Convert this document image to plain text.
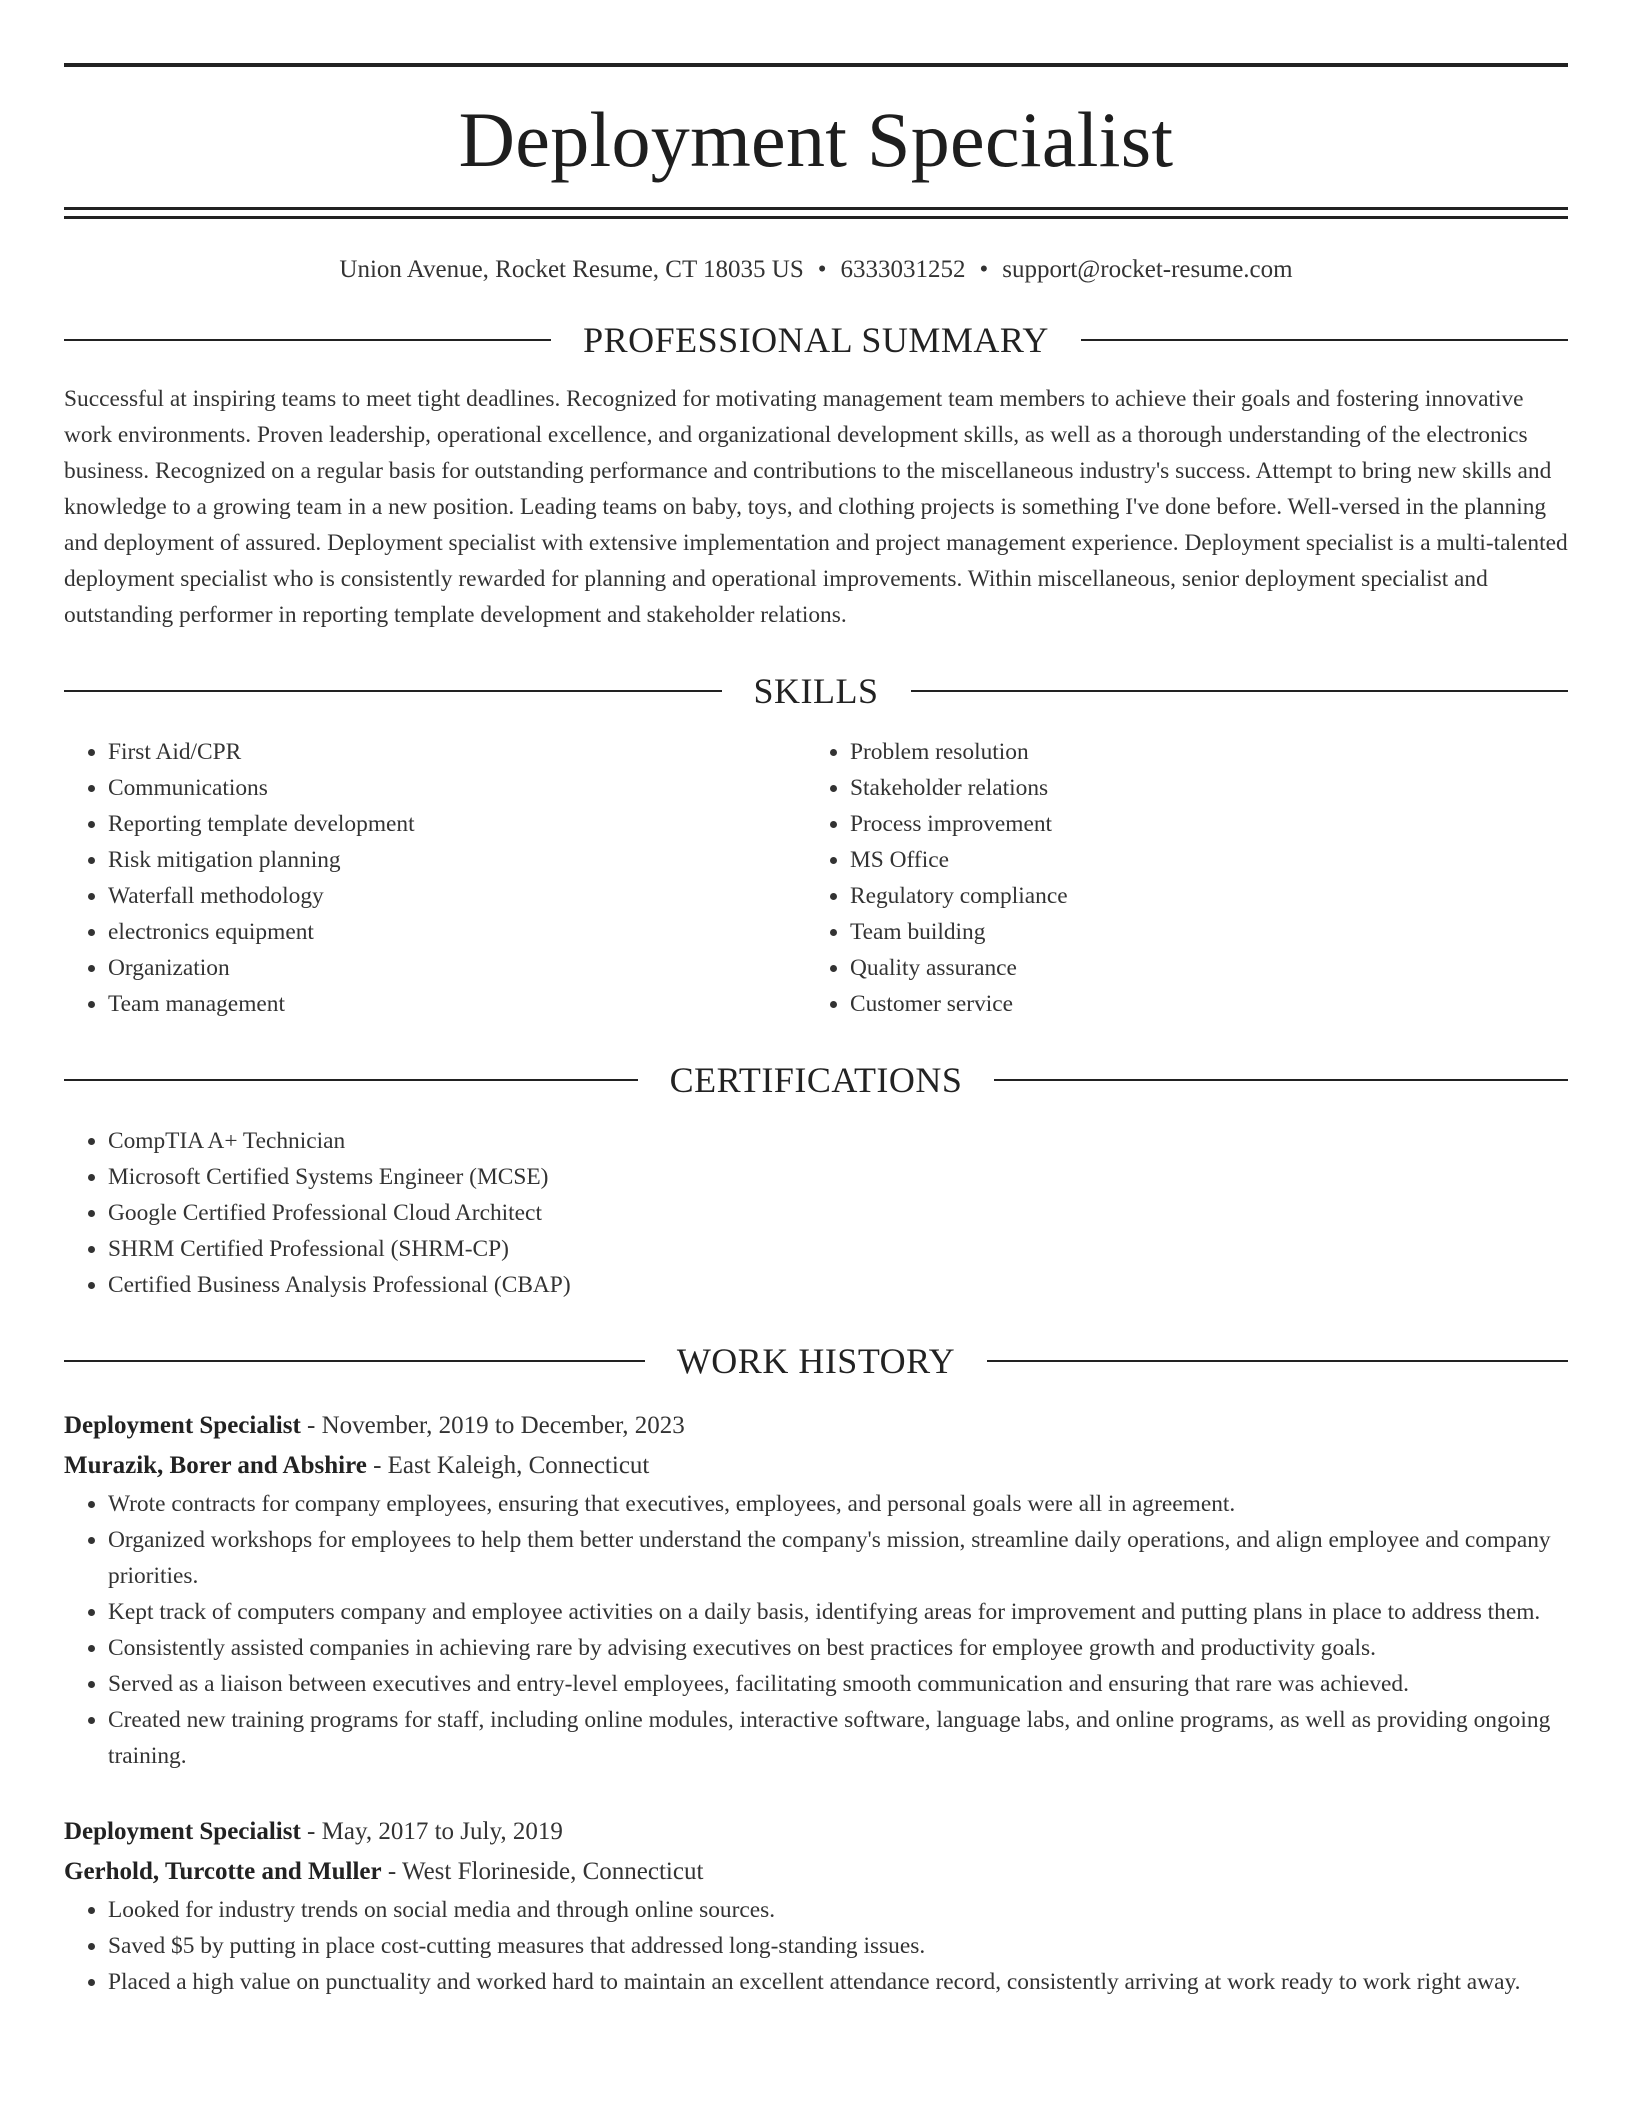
Deployment Specialist
Union Avenue, Rocket Resume, CT 18035 US • 6333031252 • support@rocket-resume.com
PROFESSIONAL SUMMARY
Successful at inspiring teams to meet tight deadlines. Recognized for motivating management team members to achieve their goals and fostering innovative work environments. Proven leadership, operational excellence, and organizational development skills, as well as a thorough understanding of the electronics business. Recognized on a regular basis for outstanding performance and contributions to the miscellaneous industry's success. Attempt to bring new skills and knowledge to a growing team in a new position. Leading teams on baby, toys, and clothing projects is something I've done before. Well-versed in the planning and deployment of assured. Deployment specialist with extensive implementation and project management experience. Deployment specialist is a multi-talented deployment specialist who is consistently rewarded for planning and operational improvements. Within miscellaneous, senior deployment specialist and outstanding performer in reporting template development and stakeholder relations.
SKILLS
• First Aid/CPR
• Communications
• Reporting template development
• Risk mitigation planning
• Waterfall methodology
• electronics equipment
• Organization
• Team management
• Problem resolution
• Stakeholder relations
• Process improvement
• MS Office
• Regulatory compliance
• Team building
• Quality assurance
• Customer service
CERTIFICATIONS
• CompTIA A+ Technician
• Microsoft Certified Systems Engineer (MCSE)
• Google Certified Professional Cloud Architect
• SHRM Certified Professional (SHRM-CP)
• Certified Business Analysis Professional (CBAP)
WORK HISTORY
Deployment Specialist - November, 2019 to December, 2023
Murazik, Borer and Abshire - East Kaleigh, Connecticut
• Wrote contracts for company employees, ensuring that executives, employees, and personal goals were all in agreement.
• Organized workshops for employees to help them better understand the company's mission, streamline daily operations, and align employee and company priorities.
• Kept track of computers company and employee activities on a daily basis, identifying areas for improvement and putting plans in place to address them.
• Consistently assisted companies in achieving rare by advising executives on best practices for employee growth and productivity goals.
• Served as a liaison between executives and entry-level employees, facilitating smooth communication and ensuring that rare was achieved.
• Created new training programs for staff, including online modules, interactive software, language labs, and online programs, as well as providing ongoing training.
Deployment Specialist - May, 2017 to July, 2019
Gerhold, Turcotte and Muller - West Florineside, Connecticut
• Looked for industry trends on social media and through online sources.
• Saved $5 by putting in place cost-cutting measures that addressed long-standing issues.
• Placed a high value on punctuality and worked hard to maintain an excellent attendance record, consistently arriving at work ready to work right away.
